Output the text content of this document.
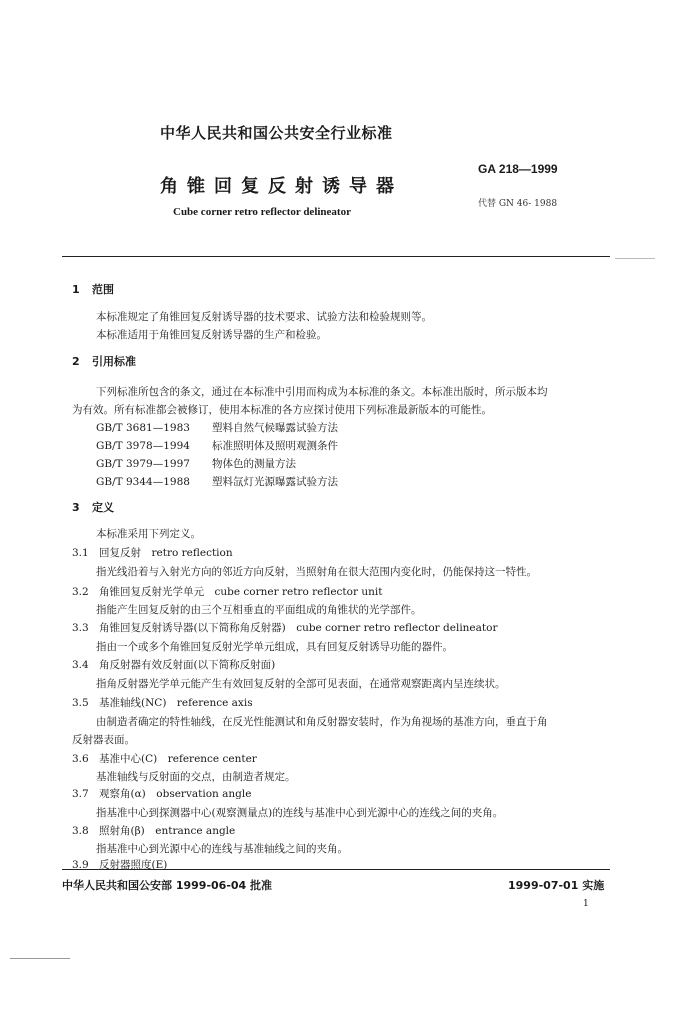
中华人民共和国公共安全行业标准
角锥回复反射诱导器
Cube corner retro reflector delineator
GA 218—1999
代替 GN 46- 1988
1 范围
本标准规定了角锥回复反射诱导器的技术要求、试验方法和检验规则等。
本标准适用于角锥回复反射诱导器的生产和检验。
2 引用标准
下列标准所包含的条文，通过在本标准中引用而构成为本标准的条文。本标准出版时，所示版本均
为有效。所有标准都会被修订，使用本标准的各方应探讨使用下列标准最新版本的可能性。
GB/T 3681—1983 塑料自然气候曝露试验方法
GB/T 3978—1994 标准照明体及照明观测条件
GB/T 3979—1997 物体色的测量方法
GB/T 9344—1988 塑料氙灯光源曝露试验方法
3 定义
本标准采用下列定义。
3.1 回复反射　retro reflection
指光线沿着与入射光方向的邻近方向反射，当照射角在很大范围内变化时，仍能保持这一特性。
3.2 角锥回复反射光学单元　cube corner retro reflector unit
指能产生回复反射的由三个互相垂直的平面组成的角锥状的光学部件。
3.3 角锥回复反射诱导器(以下简称角反射器)　cube corner retro reflector delineator
指由一个或多个角锥回复反射光学单元组成，具有回复反射诱导功能的器件。
3.4 角反射器有效反射面(以下简称反射面)
指角反射器光学单元能产生有效回复反射的全部可见表面，在通常观察距离内呈连续状。
3.5 基准轴线(NC)　reference axis
由制造者确定的特性轴线，在反光性能测试和角反射器安装时，作为角视场的基准方向，垂直于角
反射器表面。
3.6 基准中心(C)　reference center
基准轴线与反射面的交点，由制造者规定。
3.7 观察角(α)　observation angle
指基准中心到探测器中心(观察测量点)的连线与基准中心到光源中心的连线之间的夹角。
3.8 照射角(β)　entrance angle
指基准中心到光源中心的连线与基准轴线之间的夹角。
3.9 反射器照度(E)
中华人民共和国公安部 1999-06-04 批准	1999-07-01 实施
1
